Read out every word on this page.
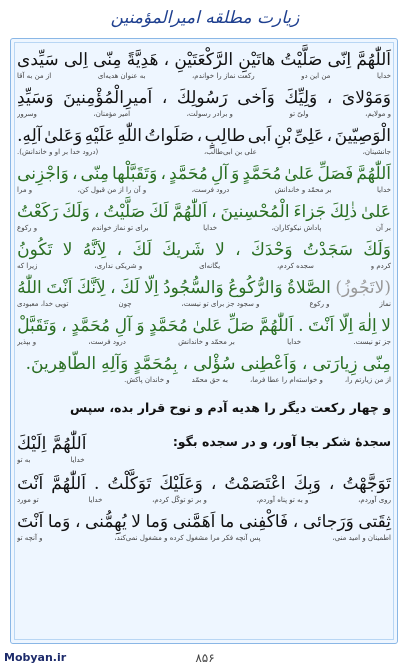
زیارت مطلقه امیرالمؤمنین
اَللّٰهُمَّ
اِنّى
صَلَّيْتُ
هاتَيْنِ
الرَّكْعَتَيْنِ
،
هَدِيَّةً
مِنّى
اِلى
سَيِّدى
خدایا
من این دو
رکعت نماز را خواندم،
به عنوان هدیه‌ای
از من به آقا
وَمَوْلاىَ
،
وَلِيِّكَ
وَاَخى
رَسُولِكَ
،
اَميرِالْمُؤْمِنينَ
وَسَيِّدِ
و مولایم،
ولیّ تو
و برادر رسولت،
امیر مؤمنان،
وسرور
الْوَصِيّينَ
،
عَلِىِّ
بْنِ
اَبى
طالِبٍ
،
صَلَواتُ
اللّٰهِ
عَلَيْهِ
وَعَلىٰ
آلِهِ.
جانشینان،
علی بن ابی‌طالب،
(درود خدا بر او و خاندانش).
اَللّٰهُمَّ
فَصَلِّ
عَلىٰ
مُحَمَّدٍ
وَ
آلِ
مُحَمَّدٍ
،
وَتَقَبَّلْها
مِنّى
،
وَاجْزِنى
خدایا
بر محمّد و خاندانش
درود فرست،
و آن را از من قبول کن،
و مرا
عَلىٰ
ذٰلِكَ
جَزاءَ
الْمُحْسِنينَ
،
اَللّٰهُمَّ
لَكَ
صَلَّيْتُ
،
وَلَكَ
رَكَعْتُ
بر آن
پاداش نیکوکاران،
خدایا
برای تو نماز خواندم
و رکوع
وَلَكَ
سَجَدْتُ
وَحْدَكَ
،
لا
شَريكَ
لَكَ
،
لِاَنَّهُ
لا
تَكُونُ
کردم و
سجده کردم،
یگانه‌ای
و شریکی نداری،
زیرا که
(لاتَجُوزُ)
الصَّلاةُ
وَالرُّكُوعُ
وَالسُّجُودُ
اِلّا
لَكَ
،
لِاَنَّكَ
اَنْتَ
اللّٰهُ
نماز
و رکوع
و سجود جز برای تو نیست،
چون
تویی خدا، معبودی
لا
اِلٰهَ
اِلّا
اَنْتَ
.
اَللّٰهُمَّ
صَلِّ
عَلىٰ
مُحَمَّدٍ
وَ
آلِ
مُحَمَّدٍ
،
وَتَقَبَّلْ
جز تو نیست.
خدایا
بر محمّد و خاندانش
درود فرست،
و بپذیر
مِنّى
زِيارَتى
،
وَاَعْطِنى
سُؤْلى
،
بِمُحَمَّدٍ
وَآلِهِ
الطّاهِرينَ.
از من زیارتم را،
و خواسته‌ام را عطا فرما،
به حق محمّد
و خاندان پاکش.
و چهار رکعت دیگر را هدیه آدم و نوح قرار بده، سپس
سجدهٔ شکر بجا آور، و در سجده بگو:
اَللّٰهُمَّ اِلَيْكَ
خدایا
به تو
تَوَجَّهْتُ
،
وَبِكَ
اعْتَصَمْتُ
،
وَعَلَيْكَ
تَوَكَّلْتُ
.
اَللّٰهُمَّ
اَنْتَ
روی آوردم،
و به تو پناه آوردم،
و بر تو توکّل کردم،
خدایا
تو مورد
ثِقَتى
وَرَجائى
،
فَاكْفِنى
ما
اَهَمَّنى
وَما
لا
يُهِمُّنى
،
وَما
اَنْتَ
اطمینان و امید منی،
پس آنچه فکر مرا مشغول کرده و مشغول نمی‌کند،
و آنچه تو
Mobyan.ir	۸۵۶
